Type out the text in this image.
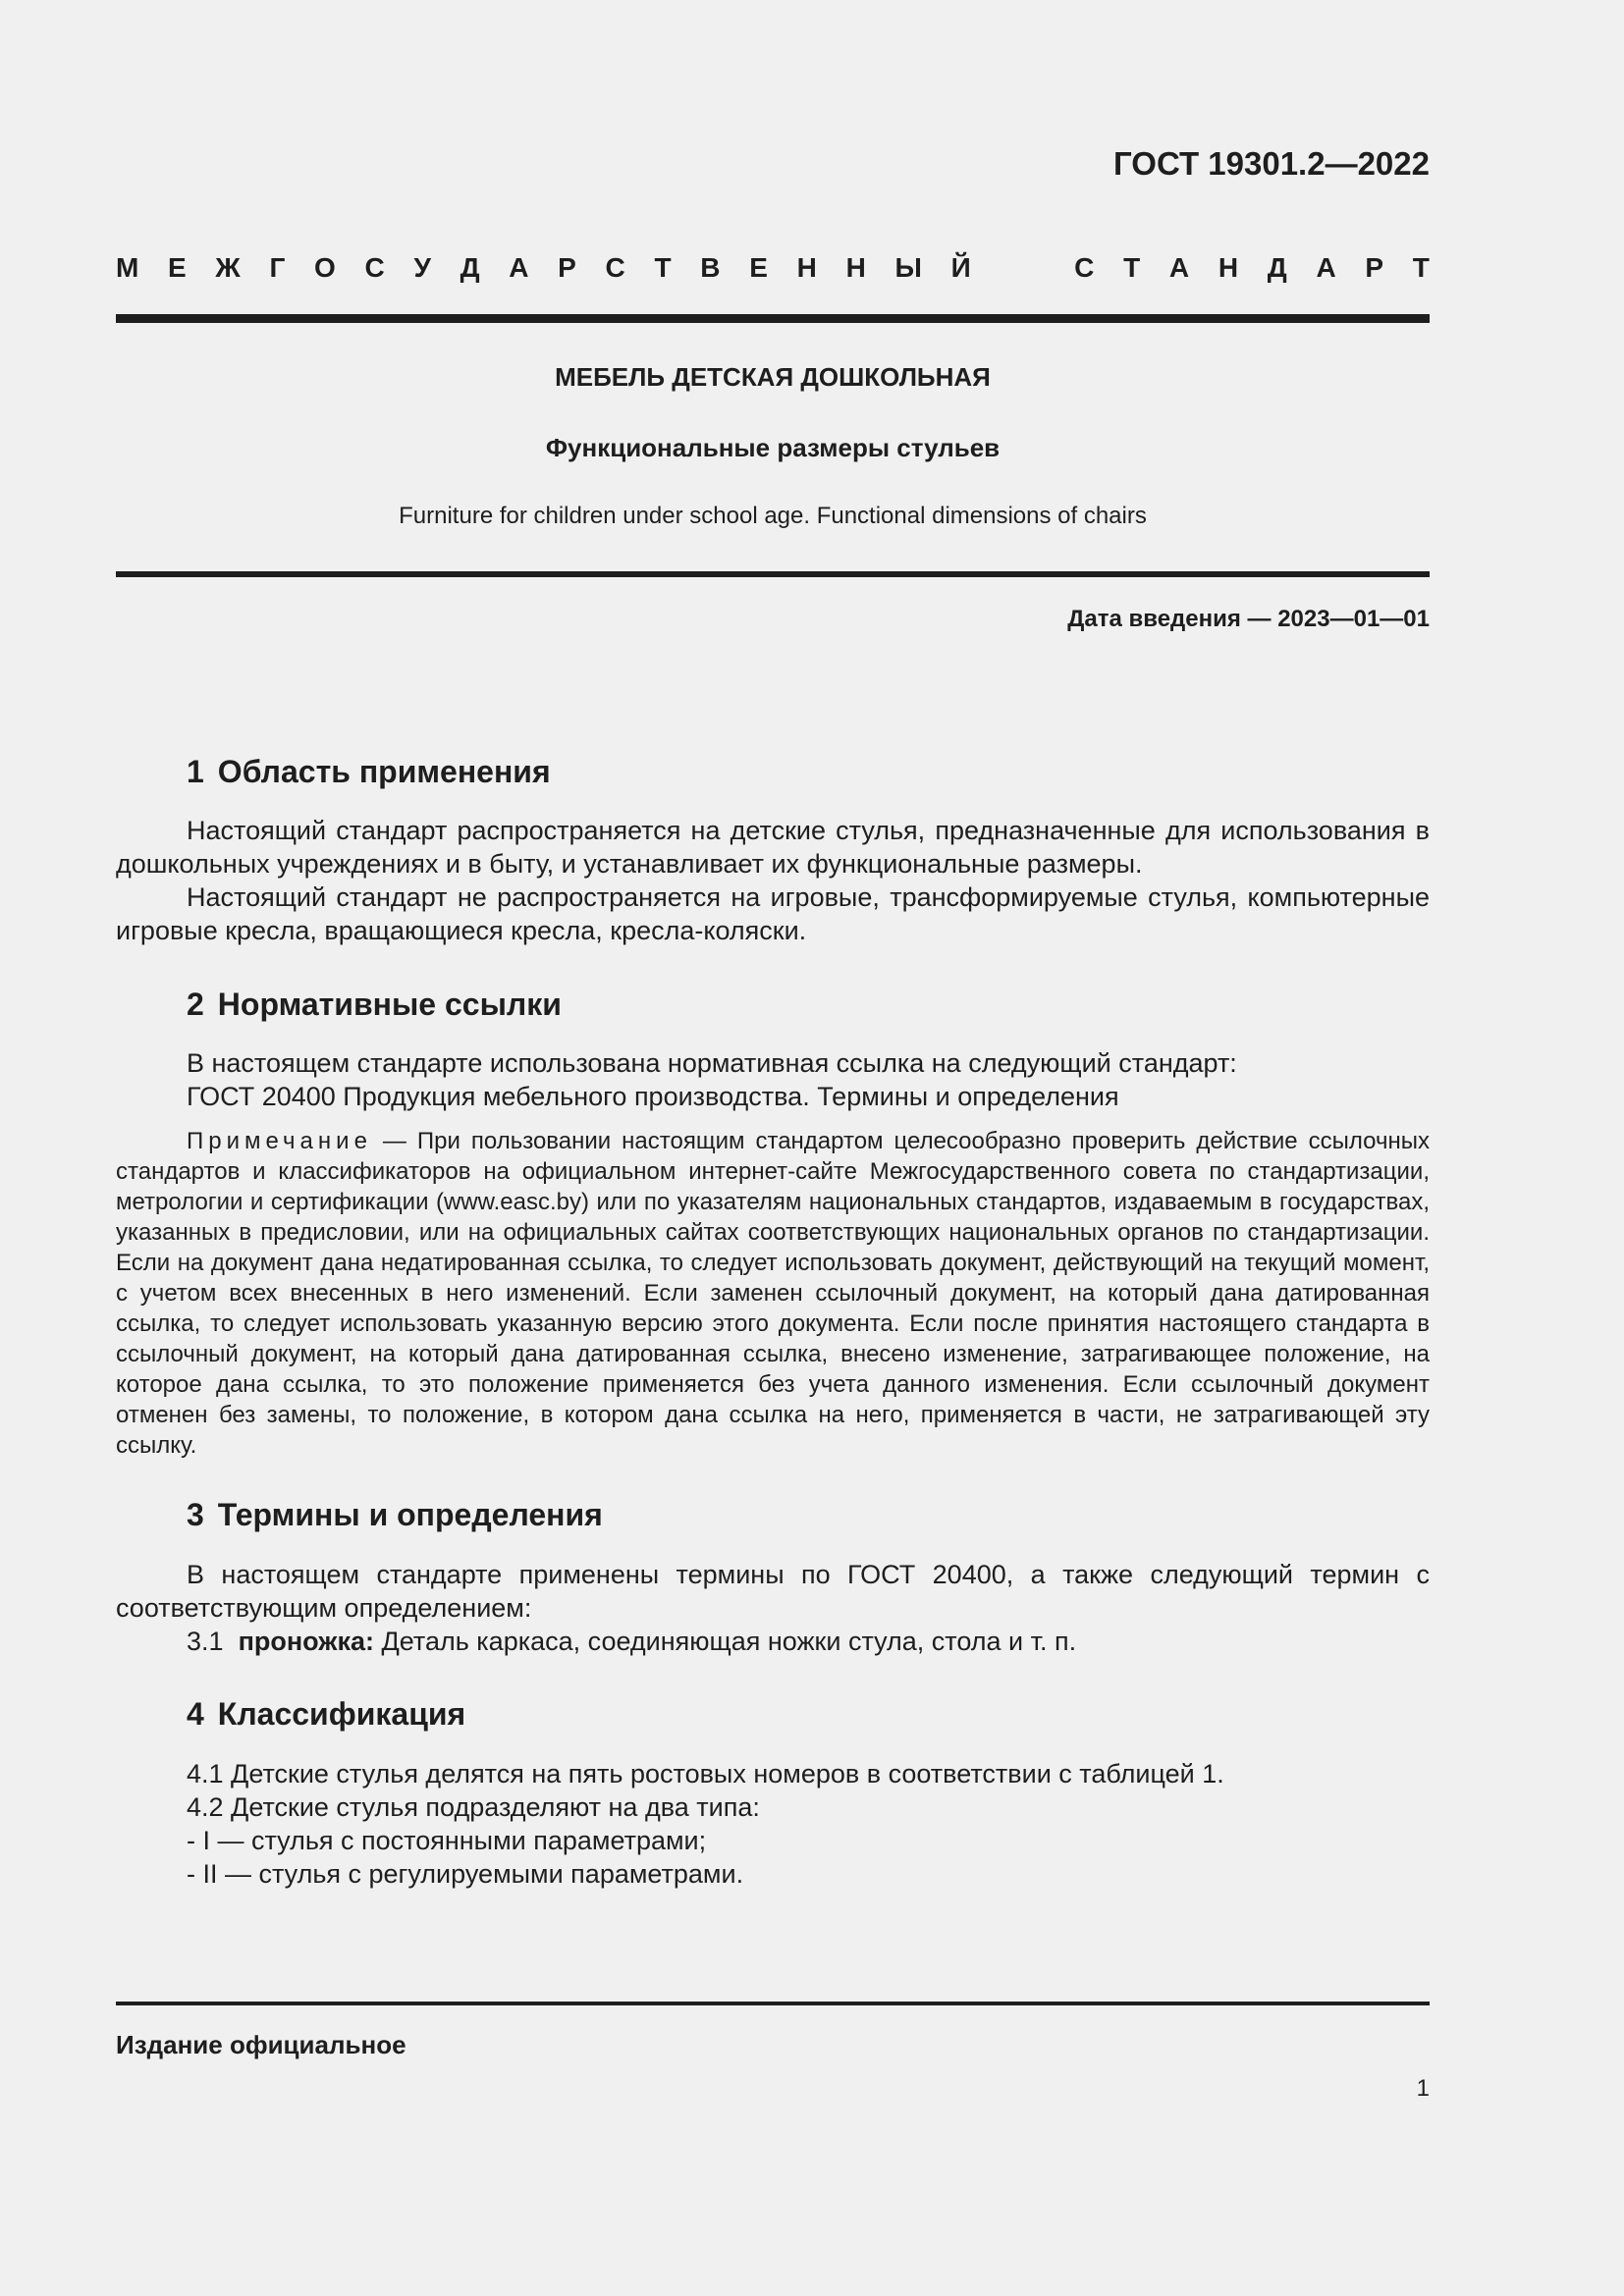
ГОСТ 19301.2—2022
М Е Ж Г О С У Д А Р С Т В Е Н Н Ы Й	С Т А Н Д А Р Т
МЕБЕЛЬ ДЕТСКАЯ ДОШКОЛЬНАЯ
Функциональные размеры стульев
Furniture for children under school age. Functional dimensions of chairs
Дата введения — 2023—01—01
1 Область применения

Настоящий стандарт распространяется на детские стулья, предназначенные для использования в дошкольных учреждениях и в быту, и устанавливает их функциональные размеры.

Настоящий стандарт не распространяется на игровые, трансформируемые стулья, компьютерные игровые кресла, вращающиеся кресла, кресла-коляски.

2 Нормативные ссылки

В настоящем стандарте использована нормативная ссылка на следующий стандарт:

ГОСТ 20400 Продукция мебельного производства. Термины и определения

Примечание — При пользовании настоящим стандартом целесообразно проверить действие ссылочных стандартов и классификаторов на официальном интернет-сайте Межгосударственного совета по стандартизации, метрологии и сертификации (www.easc.by) или по указателям национальных стандартов, издаваемым в государствах, указанных в предисловии, или на официальных сайтах соответствующих национальных органов по стандартизации. Если на документ дана недатированная ссылка, то следует использовать документ, действующий на текущий момент, с учетом всех внесенных в него изменений. Если заменен ссылочный документ, на который дана датированная ссылка, то следует использовать указанную версию этого документа. Если после принятия настоящего стандарта в ссылочный документ, на который дана датированная ссылка, внесено изменение, затрагивающее положение, на которое дана ссылка, то это положение применяется без учета данного изменения. Если ссылочный документ отменен без замены, то положение, в котором дана ссылка на него, применяется в части, не затрагивающей эту ссылку.

3 Термины и определения

В настоящем стандарте применены термины по ГОСТ 20400, а также следующий термин с соответствующим определением:

3.1 проножка: Деталь каркаса, соединяющая ножки стула, стола и т. п.

4 Классификация

4.1 Детские стулья делятся на пять ростовых номеров в соответствии с таблицей 1.

4.2 Детские стулья подразделяют на два типа:

- I — стулья с постоянными параметрами;

- II — стулья с регулируемыми параметрами.

Издание официальное
1
